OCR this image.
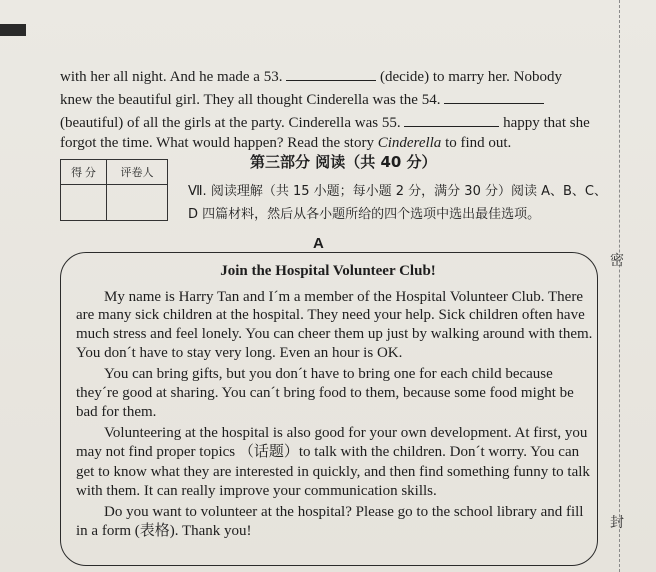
密
封
with her all night. And he made a 53.	(decide) to marry her. Nobody
knew the beautiful girl. They all thought Cinderella was the 54.
(beautiful) of all the girls at the party. Cinderella was 55.	happy that she
forgot the time. What would happen? Read the story Cinderella to find out.
得 分	评卷人

第三部分 阅读（共 40 分）
Ⅶ. 阅读理解（共 15 小题；每小题 2 分，满分 30 分）阅读 A、B、C、
D 四篇材料，然后从各小题所给的四个选项中选出最佳选项。
A
Join the Hospital Volunteer Club!
My name is Harry Tan and I´m a member of the Hospital Volunteer Club. There
are many sick children at the hospital. They need your help. Sick children often have
much stress and feel lonely. You can cheer them up just by walking around with them.
You don´t have to stay very long. Even an hour is OK.
You can bring gifts, but you don´t have to bring one for each child because
they´re good at sharing. You can´t bring food to them, because some food might be
bad for them.
Volunteering at the hospital is also good for your own development. At first, you
may not find proper topics （话题）to talk with the children. Don´t worry. You can
get to know what they are interested in quickly, and then find something funny to talk
with them. It can really improve your communication skills.
Do you want to volunteer at the hospital? Please go to the school library and fill
in a form (表格). Thank you!
